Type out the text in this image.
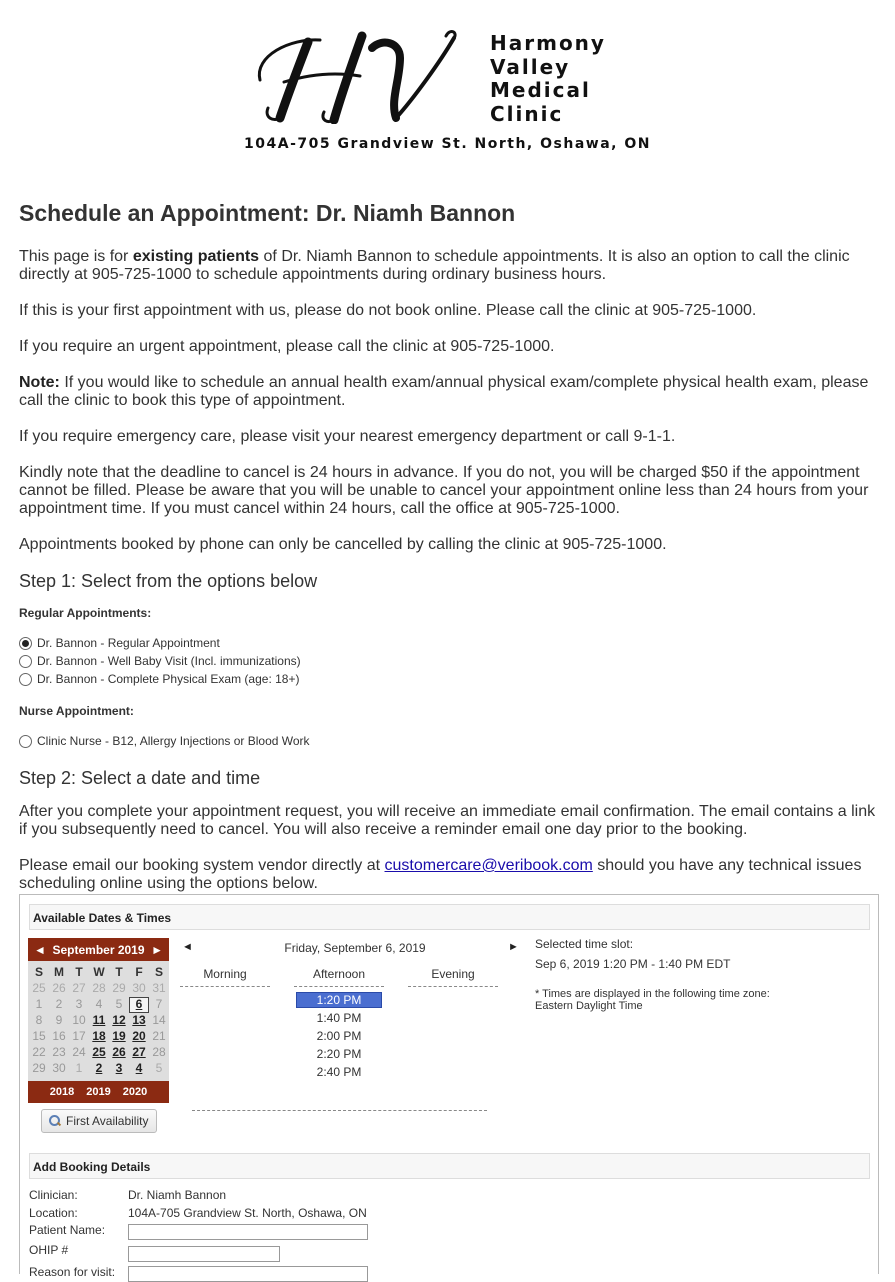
Harmony
Valley
Medical
Clinic
104A-705 Grandview St. North, Oshawa, ON
Schedule an Appointment: Dr. Niamh Bannon

This page is for existing patients of Dr. Niamh Bannon to schedule appointments. It is also an option to call the clinic directly at 905-725-1000 to schedule appointments during ordinary business hours.

If this is your first appointment with us, please do not book online. Please call the clinic at 905-725-1000.

If you require an urgent appointment, please call the clinic at 905-725-1000.

Note: If you would like to schedule an annual health exam/annual physical exam/complete physical health exam, please call the clinic to book this type of appointment.

If you require emergency care, please visit your nearest emergency department or call 9-1-1.

Kindly note that the deadline to cancel is 24 hours in advance. If you do not, you will be charged $50 if the appointment cannot be filled. Please be aware that you will be unable to cancel your appointment online less than 24 hours from your appointment time. If you must cancel within 24 hours, call the office at 905-725-1000.

Appointments booked by phone can only be cancelled by calling the clinic at 905-725-1000.

Step 1: Select from the options below
Regular Appointments:
Dr. Bannon - Regular Appointment
Dr. Bannon - Well Baby Visit (Incl. immunizations)
Dr. Bannon - Complete Physical Exam (age: 18+)
Nurse Appointment:
Clinic Nurse - B12, Allergy Injections or Blood Work
Step 2: Select a date and time

After you complete your appointment request, you will receive an immediate email confirmation. The email contains a link if you subsequently need to cancel. You will also receive a reminder email one day prior to the booking.

Please email our booking system vendor directly at customercare@veribook.com should you have any technical issues scheduling online using the options below.

Available Dates & Times
◄ September 2019 ►
S M T W T	F	S
25 26 27 28 29 30 31
1	2	3	4	5	6	7
8	9 10 11 12 13 14
15 16 17 18 19 20 21
22 23 24 25 26 27 28
29 30 1	2	3	4	5
2018 2019 2020
First Availability
◄	Friday, September 6, 2019	►
Morning	Afternoon	Evening
1:20 PM
1:40 PM
2:00 PM
2:20 PM
2:40 PM
Selected time slot:
Sep 6, 2019 1:20 PM - 1:40 PM EDT
* Times are displayed in the following time zone:
Eastern Daylight Time
Add Booking Details
Clinician:	Dr. Niamh Bannon
Location:	104A-705 Grandview St. North, Oshawa, ON
Patient Name:
OHIP #
Reason for visit:
